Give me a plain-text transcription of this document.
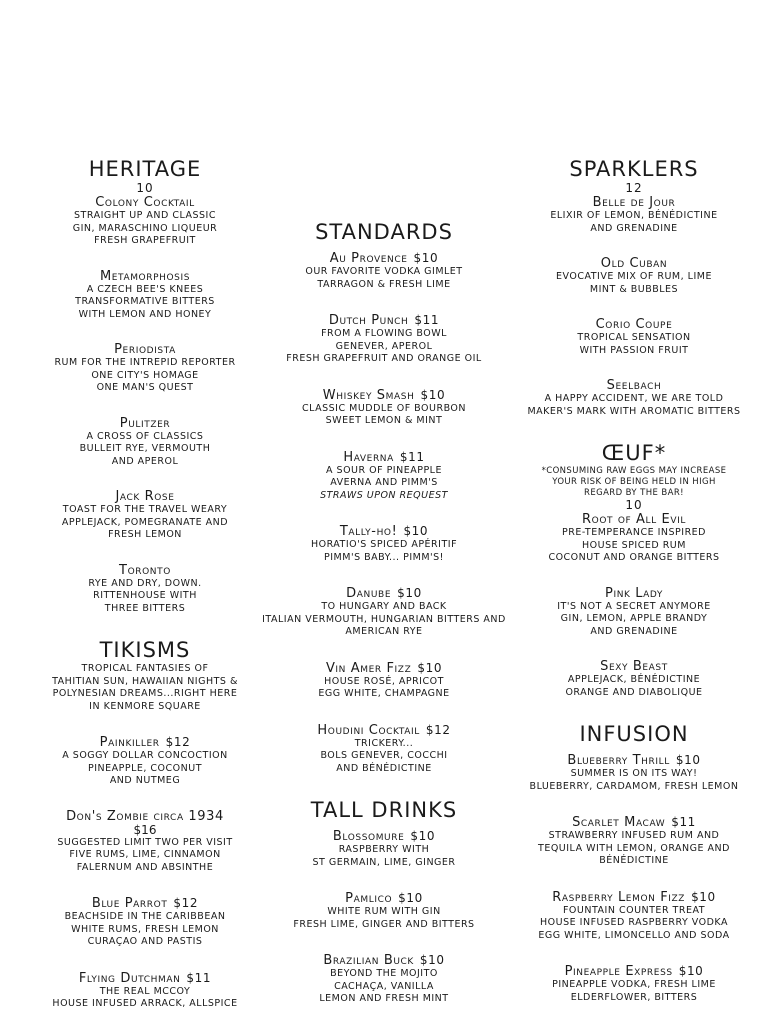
HERITAGE
10
Colony Cocktail
STRAIGHT UP AND CLASSIC
GIN, MARASCHINO LIQUEUR
FRESH GRAPEFRUIT
Metamorphosis
A CZECH BEE'S KNEES
TRANSFORMATIVE BITTERS
WITH LEMON AND HONEY
Periodista
RUM FOR THE INTREPID REPORTER
ONE CITY'S HOMAGE
ONE MAN'S QUEST
Pulitzer
A CROSS OF CLASSICS
BULLEIT RYE, VERMOUTH
AND APEROL
Jack Rose
TOAST FOR THE TRAVEL WEARY
APPLEJACK, POMEGRANATE AND
FRESH LEMON
Toronto
RYE AND DRY, DOWN.
RITTENHOUSE WITH
THREE BITTERS
TIKISMS
TROPICAL FANTASIES OF
TAHITIAN SUN, HAWAIIAN NIGHTS &
POLYNESIAN DREAMS...RIGHT HERE
IN KENMORE SQUARE
Painkiller $12
A SOGGY DOLLAR CONCOCTION
PINEAPPLE, COCONUT
AND NUTMEG
Don's Zombie circa 1934
$16
SUGGESTED LIMIT TWO PER VISIT
FIVE RUMS, LIME, CINNAMON
FALERNUM AND ABSINTHE
Blue Parrot $12
BEACHSIDE IN THE CARIBBEAN
WHITE RUMS, FRESH LEMON
CURAÇAO AND PASTIS
Flying Dutchman $11
THE REAL MCCOY
HOUSE INFUSED ARRACK, ALLSPICE
STANDARDS
Au Provence $10
OUR FAVORITE VODKA GIMLET
TARRAGON & FRESH LIME
Dutch Punch $11
FROM A FLOWING BOWL
GENEVER, APEROL
FRESH GRAPEFRUIT AND ORANGE OIL
Whiskey Smash $10
CLASSIC MUDDLE OF BOURBON
SWEET LEMON & MINT
Haverna $11
A SOUR OF PINEAPPLE
AVERNA AND PIMM'S
STRAWS UPON REQUEST
Tally-ho! $10
HORATIO'S SPICED APÉRITIF
PIMM'S BABY... PIMM'S!
Danube $10
TO HUNGARY AND BACK
ITALIAN VERMOUTH, HUNGARIAN BITTERS AND
AMERICAN RYE
Vin Amer Fizz $10
HOUSE ROSÉ, APRICOT
EGG WHITE, CHAMPAGNE
Houdini Cocktail $12
TRICKERY...
BOLS GENEVER, COCCHI
AND BÉNÉDICTINE
TALL DRINKS
Blossomure $10
RASPBERRY WITH
ST GERMAIN, LIME, GINGER
Pamlico $10
WHITE RUM WITH GIN
FRESH LIME, GINGER AND BITTERS
Brazilian Buck $10
BEYOND THE MOJITO
CACHAÇA, VANILLA
LEMON AND FRESH MINT
SPARKLERS
12
Belle de Jour
ELIXIR OF LEMON, BÉNÉDICTINE
AND GRENADINE
Old Cuban
EVOCATIVE MIX OF RUM, LIME
MINT & BUBBLES
Corio Coupe
TROPICAL SENSATION
WITH PASSION FRUIT
Seelbach
A HAPPY ACCIDENT, WE ARE TOLD
MAKER'S MARK WITH AROMATIC BITTERS
ŒUF*
*CONSUMING RAW EGGS MAY INCREASE
YOUR RISK OF BEING HELD IN HIGH
REGARD BY THE BAR!
10
Root of All Evil
PRE-TEMPERANCE INSPIRED
HOUSE SPICED RUM
COCONUT AND ORANGE BITTERS
Pink Lady
IT'S NOT A SECRET ANYMORE
GIN, LEMON, APPLE BRANDY
AND GRENADINE
Sexy Beast
APPLEJACK, BÉNÉDICTINE
ORANGE AND DIABOLIQUE
INFUSION
Blueberry Thrill $10
SUMMER IS ON ITS WAY!
BLUEBERRY, CARDAMOM, FRESH LEMON
Scarlet Macaw $11
STRAWBERRY INFUSED RUM AND
TEQUILA WITH LEMON, ORANGE AND
BÉNÉDICTINE
Raspberry Lemon Fizz $10
FOUNTAIN COUNTER TREAT
HOUSE INFUSED RASPBERRY VODKA
EGG WHITE, LIMONCELLO AND SODA
Pineapple Express $10
PINEAPPLE VODKA, FRESH LIME
ELDERFLOWER, BITTERS
